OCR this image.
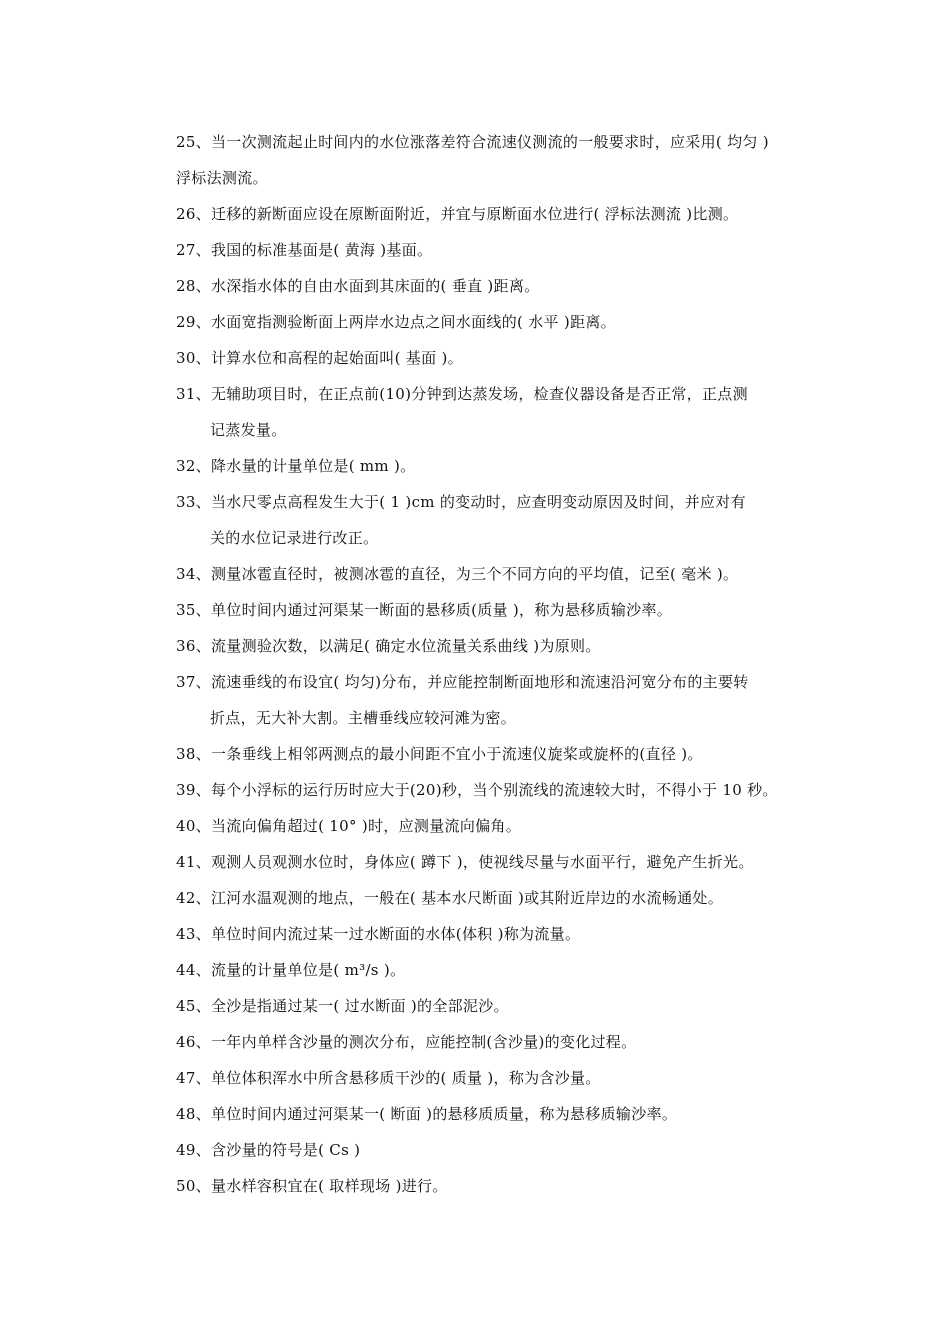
25、当一次测流起止时间内的水位涨落差符合流速仪测流的一般要求时，应采用( 均匀 )
浮标法测流。
26、迁移的新断面应设在原断面附近，并宜与原断面水位进行( 浮标法测流 )比测。
27、我国的标准基面是( 黄海 )基面。
28、水深指水体的自由水面到其床面的( 垂直 )距离。
29、水面宽指测验断面上两岸水边点之间水面线的( 水平 )距离。
30、计算水位和高程的起始面叫( 基面 )。
31、无辅助项目时，在正点前(10)分钟到达蒸发场，检查仪器设备是否正常，正点测
记蒸发量。
32、降水量的计量单位是( mm )。
33、当水尺零点高程发生大于( 1 )cm 的变动时，应查明变动原因及时间，并应对有
关的水位记录进行改正。
34、测量冰雹直径时，被测冰雹的直径，为三个不同方向的平均值，记至( 毫米 )。
35、单位时间内通过河渠某一断面的悬移质(质量 )，称为悬移质输沙率。
36、流量测验次数，以满足( 确定水位流量关系曲线 )为原则。
37、流速垂线的布设宜( 均匀)分布，并应能控制断面地形和流速沿河宽分布的主要转
折点，无大补大割。主槽垂线应较河滩为密。
38、一条垂线上相邻两测点的最小间距不宜小于流速仪旋桨或旋杯的(直径 )。
39、每个小浮标的运行历时应大于(20)秒，当个别流线的流速较大时，不得小于 10 秒。
40、当流向偏角超过( 10° )时，应测量流向偏角。
41、观测人员观测水位时，身体应( 蹲下 )，使视线尽量与水面平行，避免产生折光。
42、江河水温观测的地点，一般在( 基本水尺断面 )或其附近岸边的水流畅通处。
43、单位时间内流过某一过水断面的水体(体积 )称为流量。
44、流量的计量单位是( m³/s )。
45、全沙是指通过某一( 过水断面 )的全部泥沙。
46、一年内单样含沙量的测次分布，应能控制(含沙量)的变化过程。
47、单位体积浑水中所含悬移质干沙的( 质量 )，称为含沙量。
48、单位时间内通过河渠某一( 断面 )的悬移质质量，称为悬移质输沙率。
49、含沙量的符号是( Cs )
50、量水样容积宜在( 取样现场 )进行。
